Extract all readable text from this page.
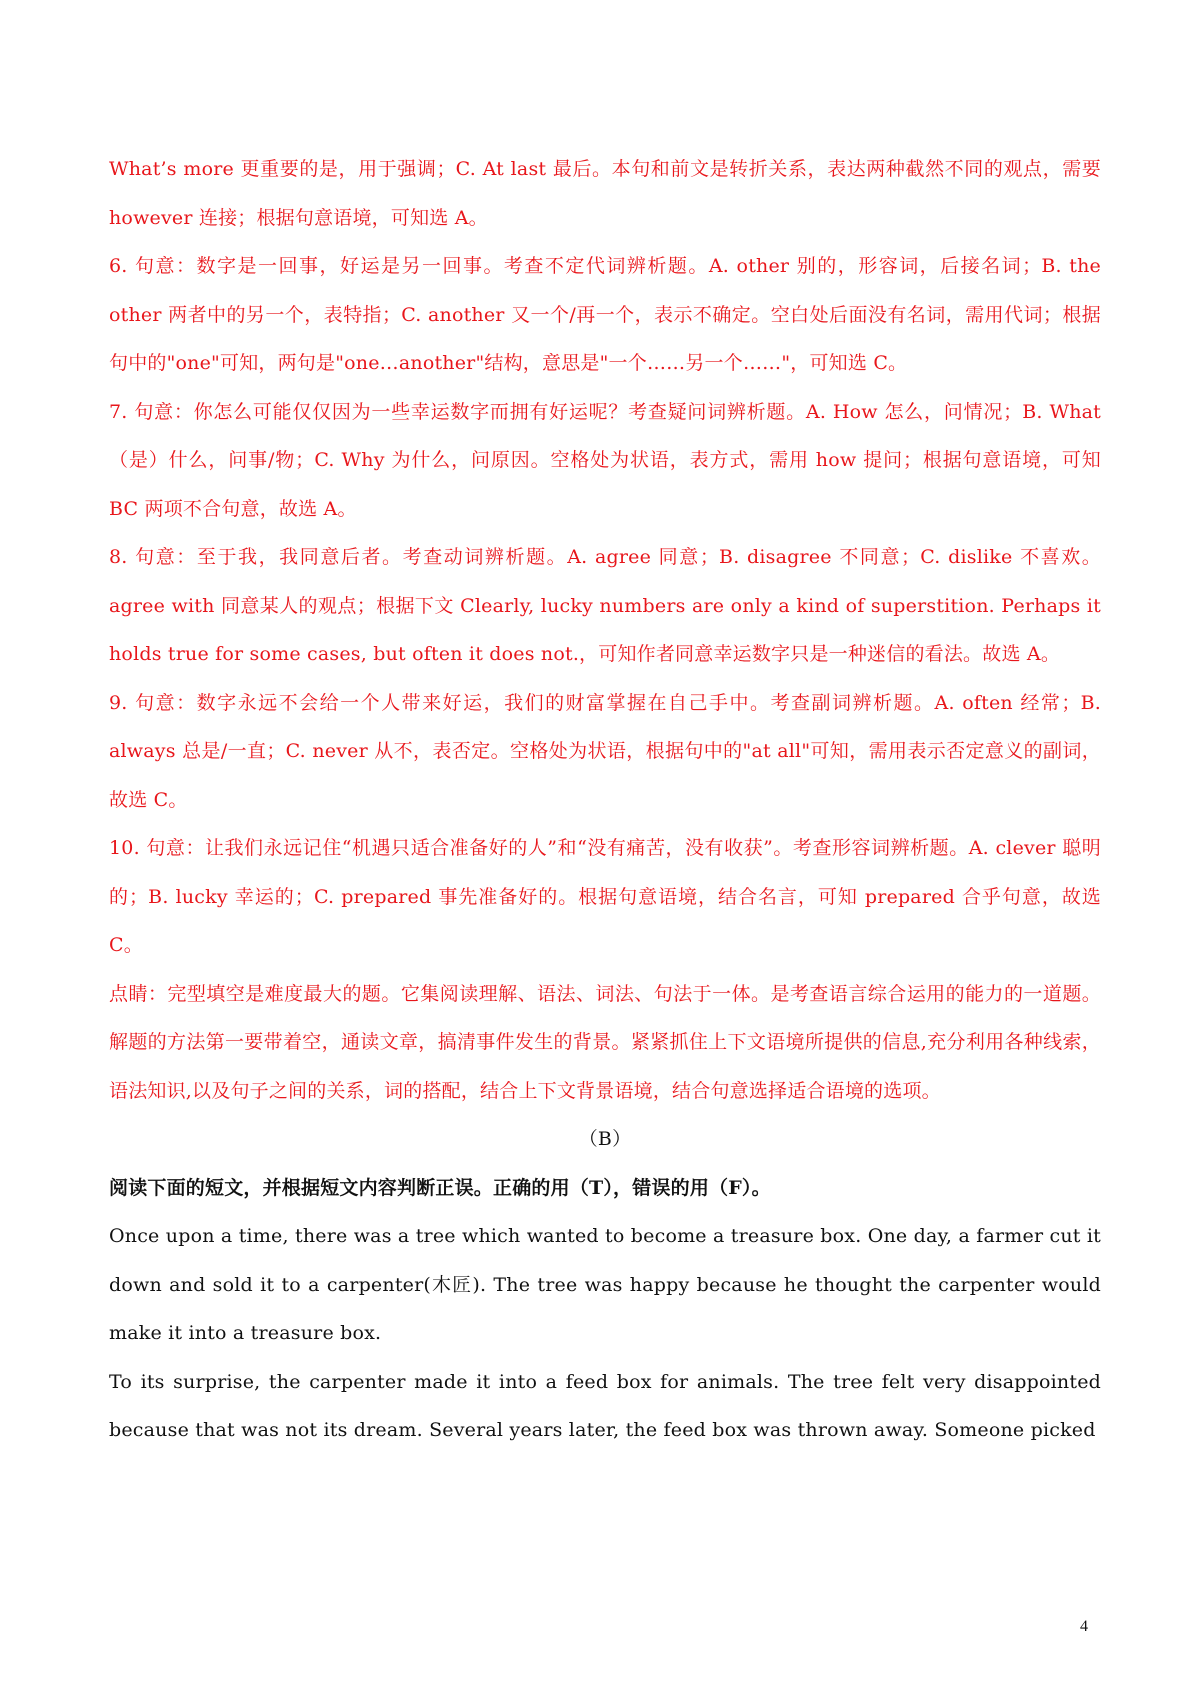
What’s more 更重要的是，用于强调；C. At last 最后。本句和前文是转折关系，表达两种截然不同的观点，需要 however 连接；根据句意语境，可知选 A。

6. 句意：数字是一回事，好运是另一回事。考查不定代词辨析题。A. other 别的，形容词，后接名词；B. the other 两者中的另一个，表特指；C. another 又一个/再一个，表示不确定。空白处后面没有名词，需用代词；根据句中的"one"可知，两句是"one…another"结构，意思是"一个……另一个……"，可知选 C。

7. 句意：你怎么可能仅仅因为一些幸运数字而拥有好运呢？考查疑问词辨析题。A. How 怎么，问情况；B. What（是）什么，问事/物；C. Why 为什么，问原因。空格处为状语，表方式，需用 how 提问；根据句意语境，可知 BC 两项不合句意，故选 A。

8. 句意：至于我，我同意后者。考查动词辨析题。A. agree 同意；B. disagree 不同意；C. dislike 不喜欢。agree with 同意某人的观点；根据下文 Clearly, lucky numbers are only a kind of superstition. Perhaps it holds true for some cases, but often it does not.，可知作者同意幸运数字只是一种迷信的看法。故选 A。

9. 句意：数字永远不会给一个人带来好运，我们的财富掌握在自己手中。考查副词辨析题。A. often 经常；B. always 总是/一直；C. never 从不，表否定。空格处为状语，根据句中的"at all"可知，需用表示否定意义的副词，故选 C。

10. 句意：让我们永远记住“机遇只适合准备好的人”和“没有痛苦，没有收获”。考查形容词辨析题。A. clever 聪明的；B. lucky 幸运的；C. prepared 事先准备好的。根据句意语境，结合名言，可知 prepared 合乎句意，故选 C。

点睛：完型填空是难度最大的题。它集阅读理解、语法、词法、句法于一体。是考查语言综合运用的能力的一道题。解题的方法第一要带着空，通读文章，搞清事件发生的背景。紧紧抓住上下文语境所提供的信息,充分利用各种线索，语法知识,以及句子之间的关系，词的搭配，结合上下文背景语境，结合句意选择适合语境的选项。

（B）

阅读下面的短文，并根据短文内容判断正误。正确的用（T），错误的用（F）。

Once upon a time, there was a tree which wanted to become a treasure box. One day, a farmer cut it down and sold it to a carpenter(木匠). The tree was happy because he thought the carpenter would make it into a treasure box.

To its surprise, the carpenter made it into a feed box for animals. The tree felt very disappointed because that was not its dream. Several years later, the feed box was thrown away. Someone picked

4
